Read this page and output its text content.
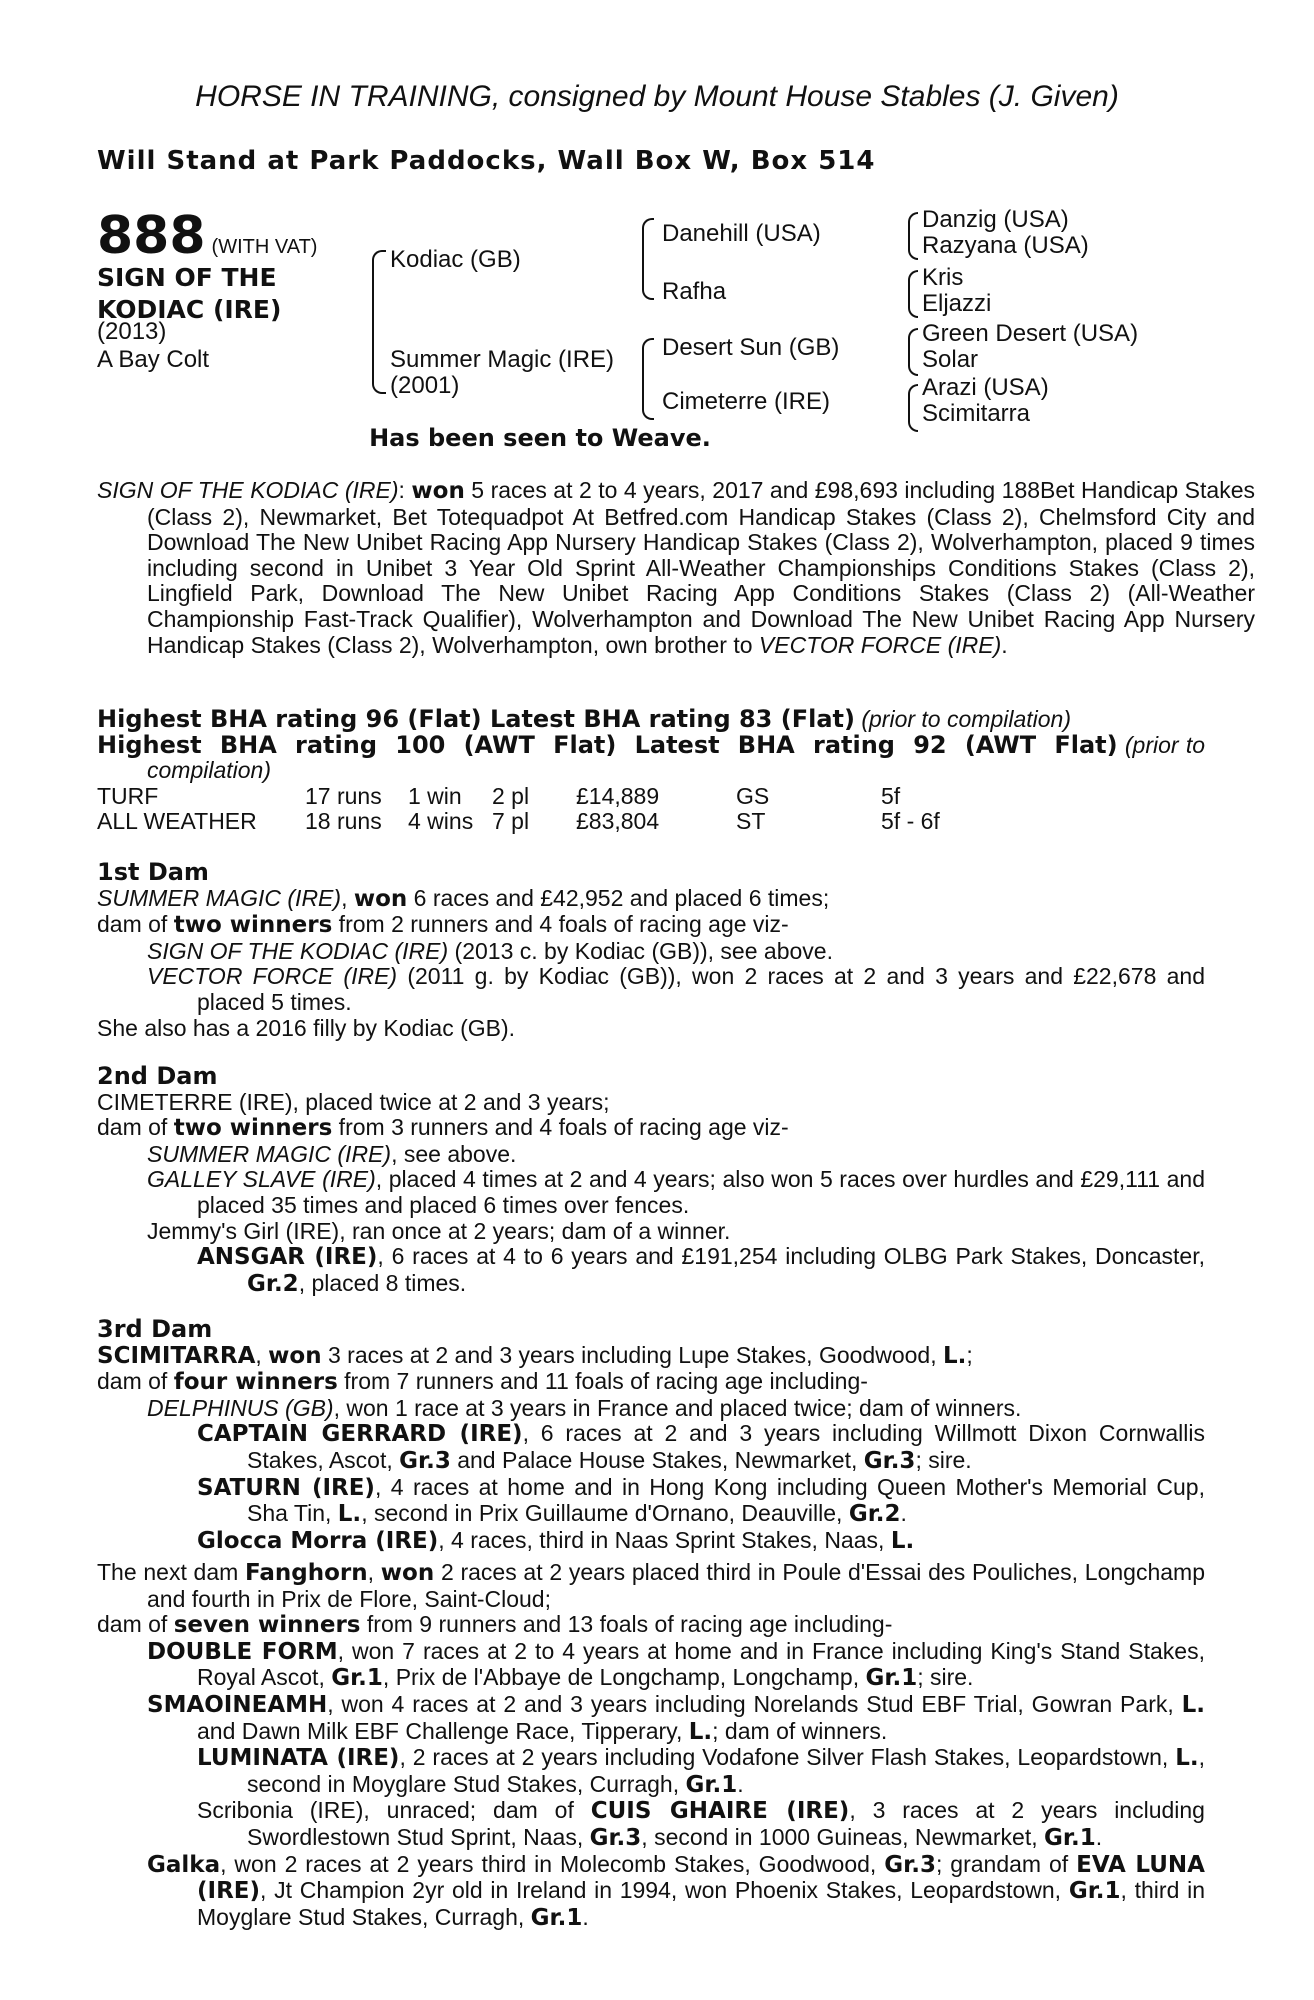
HORSE IN TRAINING, consigned by Mount House Stables (J. Given)
Will Stand at Park Paddocks, Wall Box W, Box 514
888 (WITH VAT)
SIGN OF THE
KODIAC (IRE)
(2013)
A Bay Colt
Kodiac (GB)
Summer Magic (IRE)
(2001)
Danehill (USA)
Rafha
Desert Sun (GB)
Cimeterre (IRE)
Danzig (USA)
Razyana (USA)
Kris
Eljazzi
Green Desert (USA)
Solar
Arazi (USA)
Scimitarra
Has been seen to Weave.
SIGN OF THE KODIAC (IRE): won 5 races at 2 to 4 years, 2017 and £98,693 including 188Bet Handicap Stakes (Class 2), Newmarket, Bet Totequadpot At Betfred.com Handicap Stakes (Class 2), Chelmsford City and Download The New Unibet Racing App Nursery Handicap Stakes (Class 2), Wolverhampton, placed 9 times including second in Unibet 3 Year Old Sprint All-Weather Championships Conditions Stakes (Class 2), Lingfield Park, Download The New Unibet Racing App Conditions Stakes (Class 2) (All-Weather Championship Fast-Track Qualifier), Wolverhampton and Download The New Unibet Racing App Nursery Handicap Stakes (Class 2), Wolverhampton, own brother to VECTOR FORCE (IRE).
Highest BHA rating 96 (Flat) Latest BHA rating 83 (Flat) (prior to compilation)
Highest BHA rating 100 (AWT Flat) Latest BHA rating 92 (AWT Flat) (prior to compilation)
TURF	17 runs	1 win	2 pl	£14,889	GS	5f
ALL WEATHER	18 runs	4 wins	7 pl	£83,804	ST	5f - 6f
1st Dam
SUMMER MAGIC (IRE), won 6 races and £42,952 and placed 6 times;
dam of two winners from 2 runners and 4 foals of racing age viz-
SIGN OF THE KODIAC (IRE) (2013 c. by Kodiac (GB)), see above.
VECTOR FORCE (IRE) (2011 g. by Kodiac (GB)), won 2 races at 2 and 3 years and £22,678 and placed 5 times.
She also has a 2016 filly by Kodiac (GB).
2nd Dam
CIMETERRE (IRE), placed twice at 2 and 3 years;
dam of two winners from 3 runners and 4 foals of racing age viz-
SUMMER MAGIC (IRE), see above.
GALLEY SLAVE (IRE), placed 4 times at 2 and 4 years; also won 5 races over hurdles and £29,111 and placed 35 times and placed 6 times over fences.
Jemmy's Girl (IRE), ran once at 2 years; dam of a winner.
ANSGAR (IRE), 6 races at 4 to 6 years and £191,254 including OLBG Park Stakes, Doncaster, Gr.2, placed 8 times.
3rd Dam
SCIMITARRA, won 3 races at 2 and 3 years including Lupe Stakes, Goodwood, L.;
dam of four winners from 7 runners and 11 foals of racing age including-
DELPHINUS (GB), won 1 race at 3 years in France and placed twice; dam of winners.
CAPTAIN GERRARD (IRE), 6 races at 2 and 3 years including Willmott Dixon Cornwallis Stakes, Ascot, Gr.3 and Palace House Stakes, Newmarket, Gr.3; sire.
SATURN (IRE), 4 races at home and in Hong Kong including Queen Mother's Memorial Cup, Sha Tin, L., second in Prix Guillaume d'Ornano, Deauville, Gr.2.
Glocca Morra (IRE), 4 races, third in Naas Sprint Stakes, Naas, L.
The next dam Fanghorn, won 2 races at 2 years placed third in Poule d'Essai des Pouliches, Longchamp and fourth in Prix de Flore, Saint-Cloud;
dam of seven winners from 9 runners and 13 foals of racing age including-
DOUBLE FORM, won 7 races at 2 to 4 years at home and in France including King's Stand Stakes, Royal Ascot, Gr.1, Prix de l'Abbaye de Longchamp, Longchamp, Gr.1; sire.
SMAOINEAMH, won 4 races at 2 and 3 years including Norelands Stud EBF Trial, Gowran Park, L. and Dawn Milk EBF Challenge Race, Tipperary, L.; dam of winners.
LUMINATA (IRE), 2 races at 2 years including Vodafone Silver Flash Stakes, Leopardstown, L., second in Moyglare Stud Stakes, Curragh, Gr.1.
Scribonia (IRE), unraced; dam of CUIS GHAIRE (IRE), 3 races at 2 years including Swordlestown Stud Sprint, Naas, Gr.3, second in 1000 Guineas, Newmarket, Gr.1.
Galka, won 2 races at 2 years third in Molecomb Stakes, Goodwood, Gr.3; grandam of EVA LUNA (IRE), Jt Champion 2yr old in Ireland in 1994, won Phoenix Stakes, Leopardstown, Gr.1, third in Moyglare Stud Stakes, Curragh, Gr.1.
